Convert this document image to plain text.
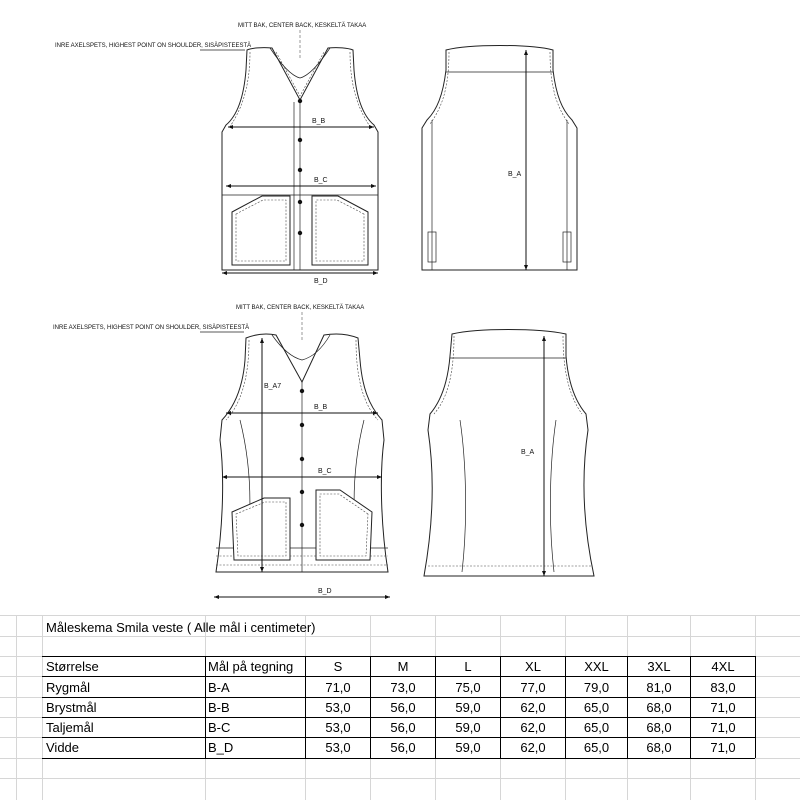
MITT BAK, CENTER BACK, KESKELTÄ TAKAA
INRE AXELSPETS, HIGHEST POINT ON SHOULDER, SISÄPISTEESTÄ
B_B
B_C
B_D
B_A
MITT BAK, CENTER BACK, KESKELTÄ TAKAA
INRE AXELSPETS, HIGHEST POINT ON SHOULDER, SISÄPISTEESTÄ
B_A7
B_B
B_C
B_D
B_A
Måleskema Smila veste ( Alle mål i centimeter)
Størrelse	Mål på tegning	S	M	L	XL	XXL	3XL	4XL
Rygmål	B-A	71,0	73,0	75,0	77,0	79,0	81,0	83,0
Brystmål	B-B	53,0	56,0	59,0	62,0	65,0	68,0	71,0
Taljemål	B-C	53,0	56,0	59,0	62,0	65,0	68,0	71,0
Vidde	B_D	53,0	56,0	59,0	62,0	65,0	68,0	71,0
